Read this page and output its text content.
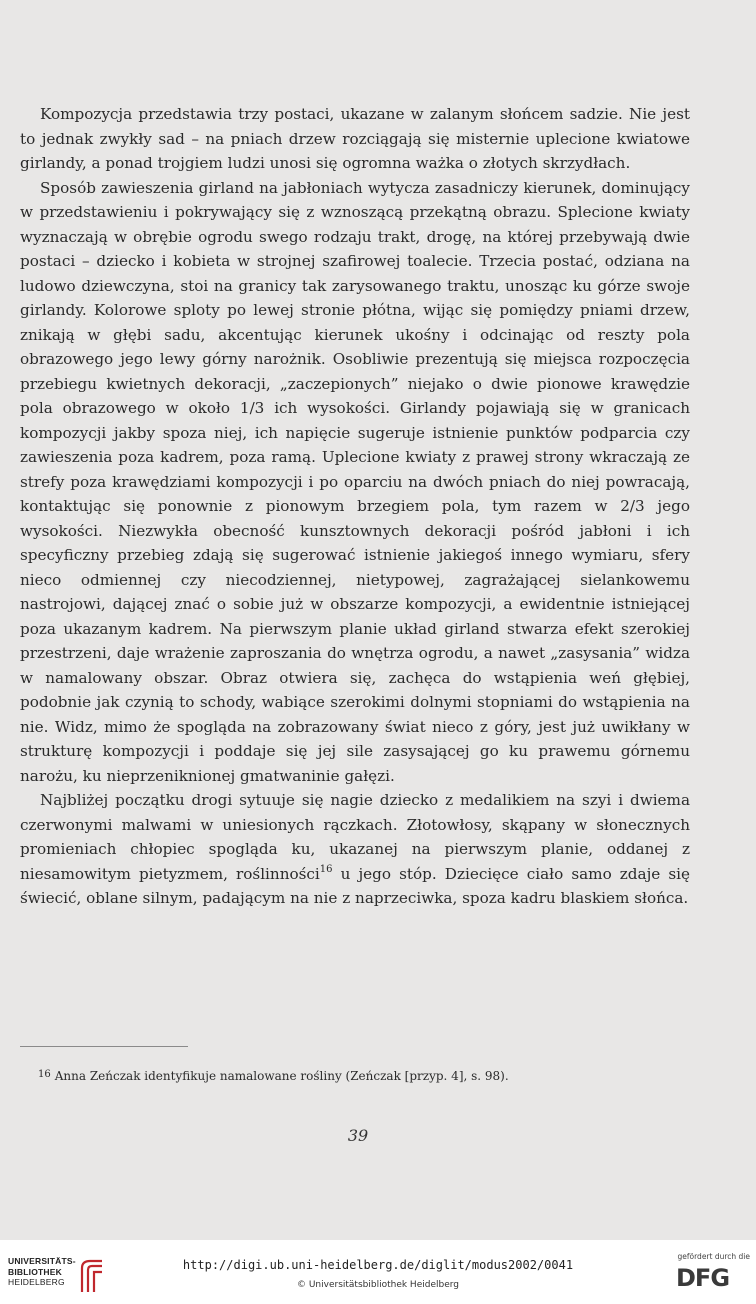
Kompozycja przedstawia trzy postaci, ukazane w zalanym słońcem sadzie. Nie jest to jednak zwykły sad – na pniach drzew rozciągają się misternie uplecione kwiatowe girlandy, a ponad trojgiem ludzi unosi się ogromna ważka o złotych skrzydłach.

Sposób zawieszenia girland na jabłoniach wytycza zasadniczy kierunek, dominujący w przedstawieniu i pokrywający się z wznoszącą przekątną obrazu. Splecione kwiaty wyznaczają w obrębie ogrodu swego rodzaju trakt, drogę, na której przebywają dwie postaci – dziecko i kobieta w strojnej szafirowej toalecie. Trzecia postać, odziana na ludowo dziewczyna, stoi na granicy tak zarysowanego traktu, unosząc ku górze swoje girlandy. Kolorowe sploty po lewej stronie płótna, wijąc się pomiędzy pniami drzew, znikają w głębi sadu, akcentując kierunek ukośny i odcinając od reszty pola obrazowego jego lewy górny narożnik. Osobliwie prezentują się miejsca rozpoczęcia przebiegu kwietnych dekoracji, „zaczepionych” niejako o dwie pionowe krawędzie pola obrazowego w około 1/3 ich wysokości. Girlandy pojawiają się w granicach kompozycji jakby spoza niej, ich napięcie sugeruje istnienie punktów podparcia czy zawieszenia poza kadrem, poza ramą. Uplecione kwiaty z prawej strony wkraczają ze strefy poza krawędziami kompozycji i po oparciu na dwóch pniach do niej powracają, kontaktując się ponownie z pionowym brzegiem pola, tym razem w 2/3 jego wysokości. Niezwykła obecność kunsztownych dekoracji pośród jabłoni i ich specyficzny przebieg zdają się sugerować istnienie jakiegoś innego wymiaru, sfery nieco odmiennej czy niecodziennej, nietypowej, zagrażającej sielankowemu nastrojowi, dającej znać o sobie już w obszarze kompozycji, a ewidentnie istniejącej poza ukazanym kadrem. Na pierwszym planie układ girland stwarza efekt szerokiej przestrzeni, daje wrażenie zaproszania do wnętrza ogrodu, a nawet „zasysania” widza w namalowany obszar. Obraz otwiera się, zachęca do wstąpienia weń głębiej, podobnie jak czynią to schody, wabiące szerokimi dolnymi stopniami do wstąpienia na nie. Widz, mimo że spogląda na zobrazowany świat nieco z góry, jest już uwikłany w strukturę kompozycji i poddaje się jej sile zasysającej go ku prawemu górnemu narożu, ku nieprzeniknionej gmatwaninie gałęzi.

Najbliżej początku drogi sytuuje się nagie dziecko z medalikiem na szyi i dwiema czerwonymi malwami w uniesionych rączkach. Złotowłosy, skąpany w słonecznych promieniach chłopiec spogląda ku, ukazanej na pierwszym planie, oddanej z niesamowitym pietyzmem, roślinności$^{16}$ u jego stóp. Dziecięce ciało samo zdaje się świecić, oblane silnym, padającym na nie z naprzeciwka, spoza kadru blaskiem słońca.

$^{16}$ Anna Zeńczak identyfikuje namalowane rośliny (Zeńczak [przyp. 4], s. 98).
39
UNIVERSITÄTS-
BIBLIOTHEK
HEIDELBERG
http://digi.ub.uni-heidelberg.de/diglit/modus2002/0041
© Universitätsbibliothek Heidelberg
gefördert durch die
DFG
